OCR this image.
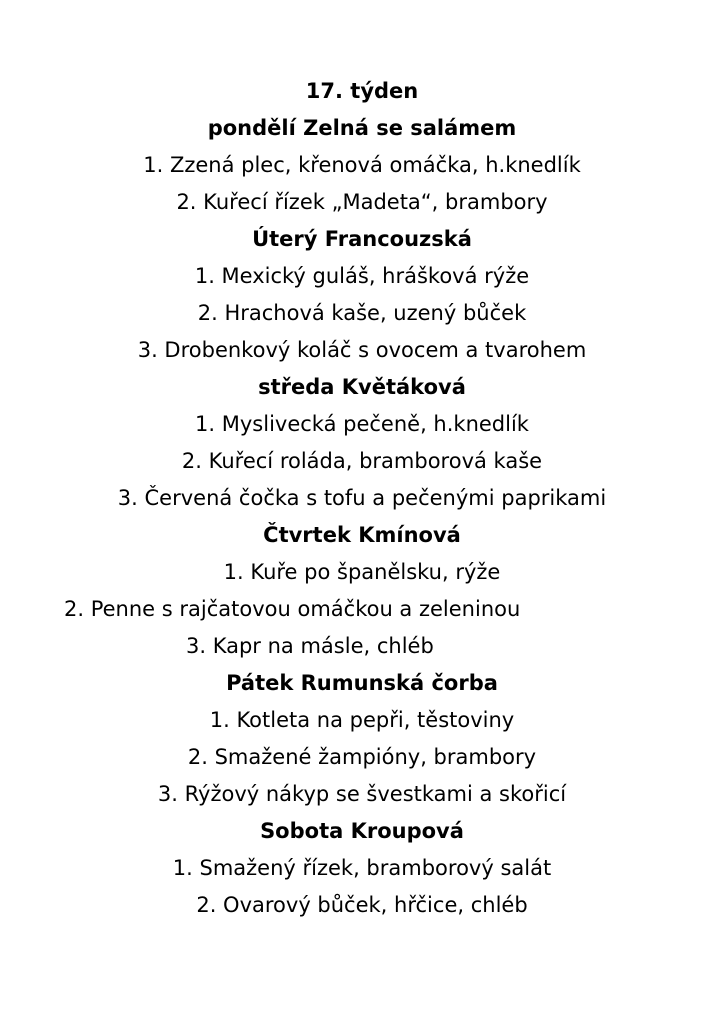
17. týden
pondělí Zelná se salámem
1. Zzená plec, křenová omáčka, h.knedlík
2. Kuřecí řízek „Madeta“, brambory
Úterý Francouzská
1. Mexický guláš, hrášková rýže
2. Hrachová kaše, uzený bůček
3. Drobenkový koláč s ovocem a tvarohem
středa Květáková
1. Myslivecká pečeně, h.knedlík
2. Kuřecí roláda, bramborová kaše
3. Červená čočka s tofu a pečenými paprikami
Čtvrtek Kmínová
1. Kuře po španělsku, rýže
2. Penne s rajčatovou omáčkou a zeleninou
3. Kapr na másle, chléb
Pátek Rumunská čorba
1. Kotleta na pepři, těstoviny
2. Smažené žampióny, brambory
3. Rýžový nákyp se švestkami a skořicí
Sobota Kroupová
1. Smažený řízek, bramborový salát
2. Ovarový bůček, hřčice, chléb
